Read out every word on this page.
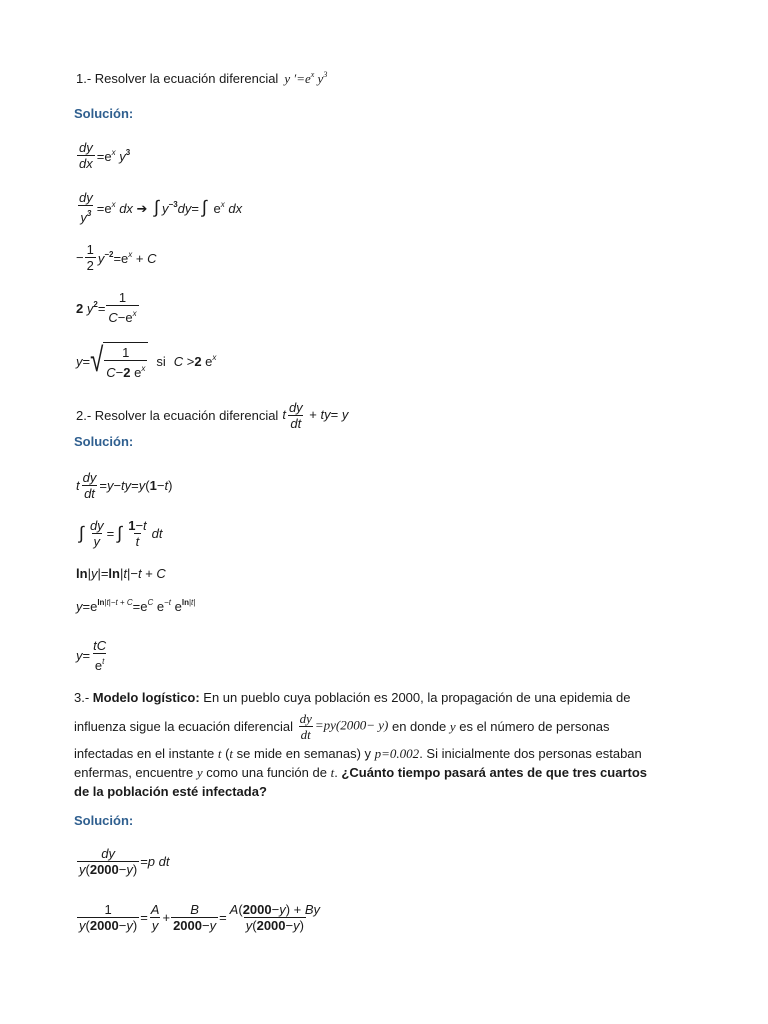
1.- Resolver la ecuación diferencial y $'=e^x$ $y^3$
Solución:
$\frac{dy}{dx} =e^x$ $y^3$
$\frac{dy}{y^3} =e^x$ dx ➔ ∫ $y^{-3}dy=$ ∫ $e^x$ dx
− $\frac{1}{2} y^{-2}=e^x + C$
2 $y^2= \frac{1}{C-e^x}$
y = √ $\frac{1}{C-2 e^x}$ si C >2 $e^x$
2.- Resolver la ecuación diferencial t $\frac{dy}{dt} + ty= y$
Solución:
t $\frac{dy}{dt} =y-ty=y(1-t)$
∫ $\frac{dy}{y}$ = ∫ $\frac{1-t}{t}$ dt
ln|y|=ln|t|−t + C
$y=e^{ln|t|-t + C}=e^C$ $e^{-t}$ $e^{ln|t|}$
$y = \frac{tC}{e^t}$
3.- Modelo logístico: En un pueblo cuya población es 2000, la propagación de una epidemia de
influenza sigue la ecuación diferencial $\frac{dy}{dt} =py(2000- y)$ en donde y es el número de personas
infectadas en el instante t (t se mide en semanas) y p=0.002. Si inicialmente dos personas estaban
enfermas, encuentre y como una función de t. ¿Cuánto tiempo pasará antes de que tres cuartos
de la población esté infectada?
Solución:
$\frac{dy}{y(2000-y)} =p$ dt
$\frac{1}{y(2000-y)} = \frac{A}{y} + \frac{B}{2000-y} = \frac{A(2000-y) + By}{y(2000-y)}$
